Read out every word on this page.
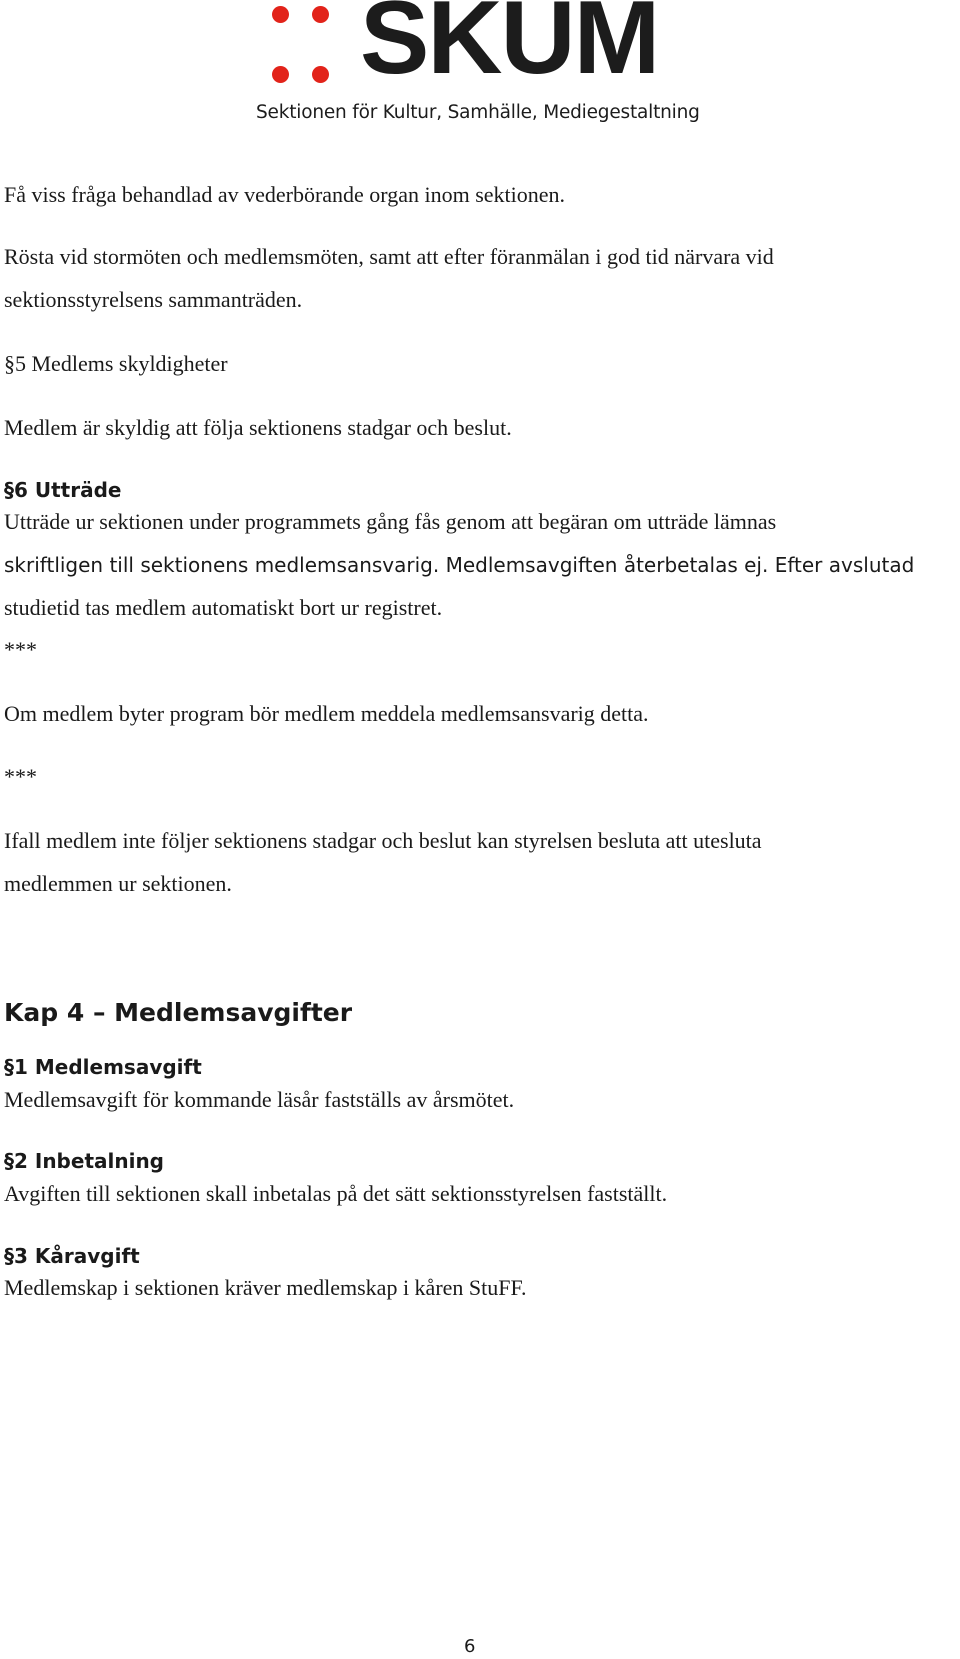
SKUM
Sektionen för Kultur, Samhälle, Mediegestaltning
Få viss fråga behandlad av vederbörande organ inom sektionen.
Rösta vid stormöten och medlemsmöten, samt att efter föranmälan i god tid närvara vid
sektionsstyrelsens sammanträden.
§5 Medlems skyldigheter
Medlem är skyldig att följa sektionens stadgar och beslut.
§6 Utträde
Utträde ur sektionen under programmets gång fås genom att begäran om utträde lämnas
skriftligen till sektionens medlemsansvarig. Medlemsavgiften återbetalas ej. Efter avslutad
studietid tas medlem automatiskt bort ur registret.
***
Om medlem byter program bör medlem meddela medlemsansvarig detta.
***
Ifall medlem inte följer sektionens stadgar och beslut kan styrelsen besluta att utesluta
medlemmen ur sektionen.
Kap 4 – Medlemsavgifter
§1 Medlemsavgift
Medlemsavgift för kommande läsår fastställs av årsmötet.
§2 Inbetalning
Avgiften till sektionen skall inbetalas på det sätt sektionsstyrelsen fastställt.
§3 Kåravgift
Medlemskap i sektionen kräver medlemskap i kåren StuFF.
6
